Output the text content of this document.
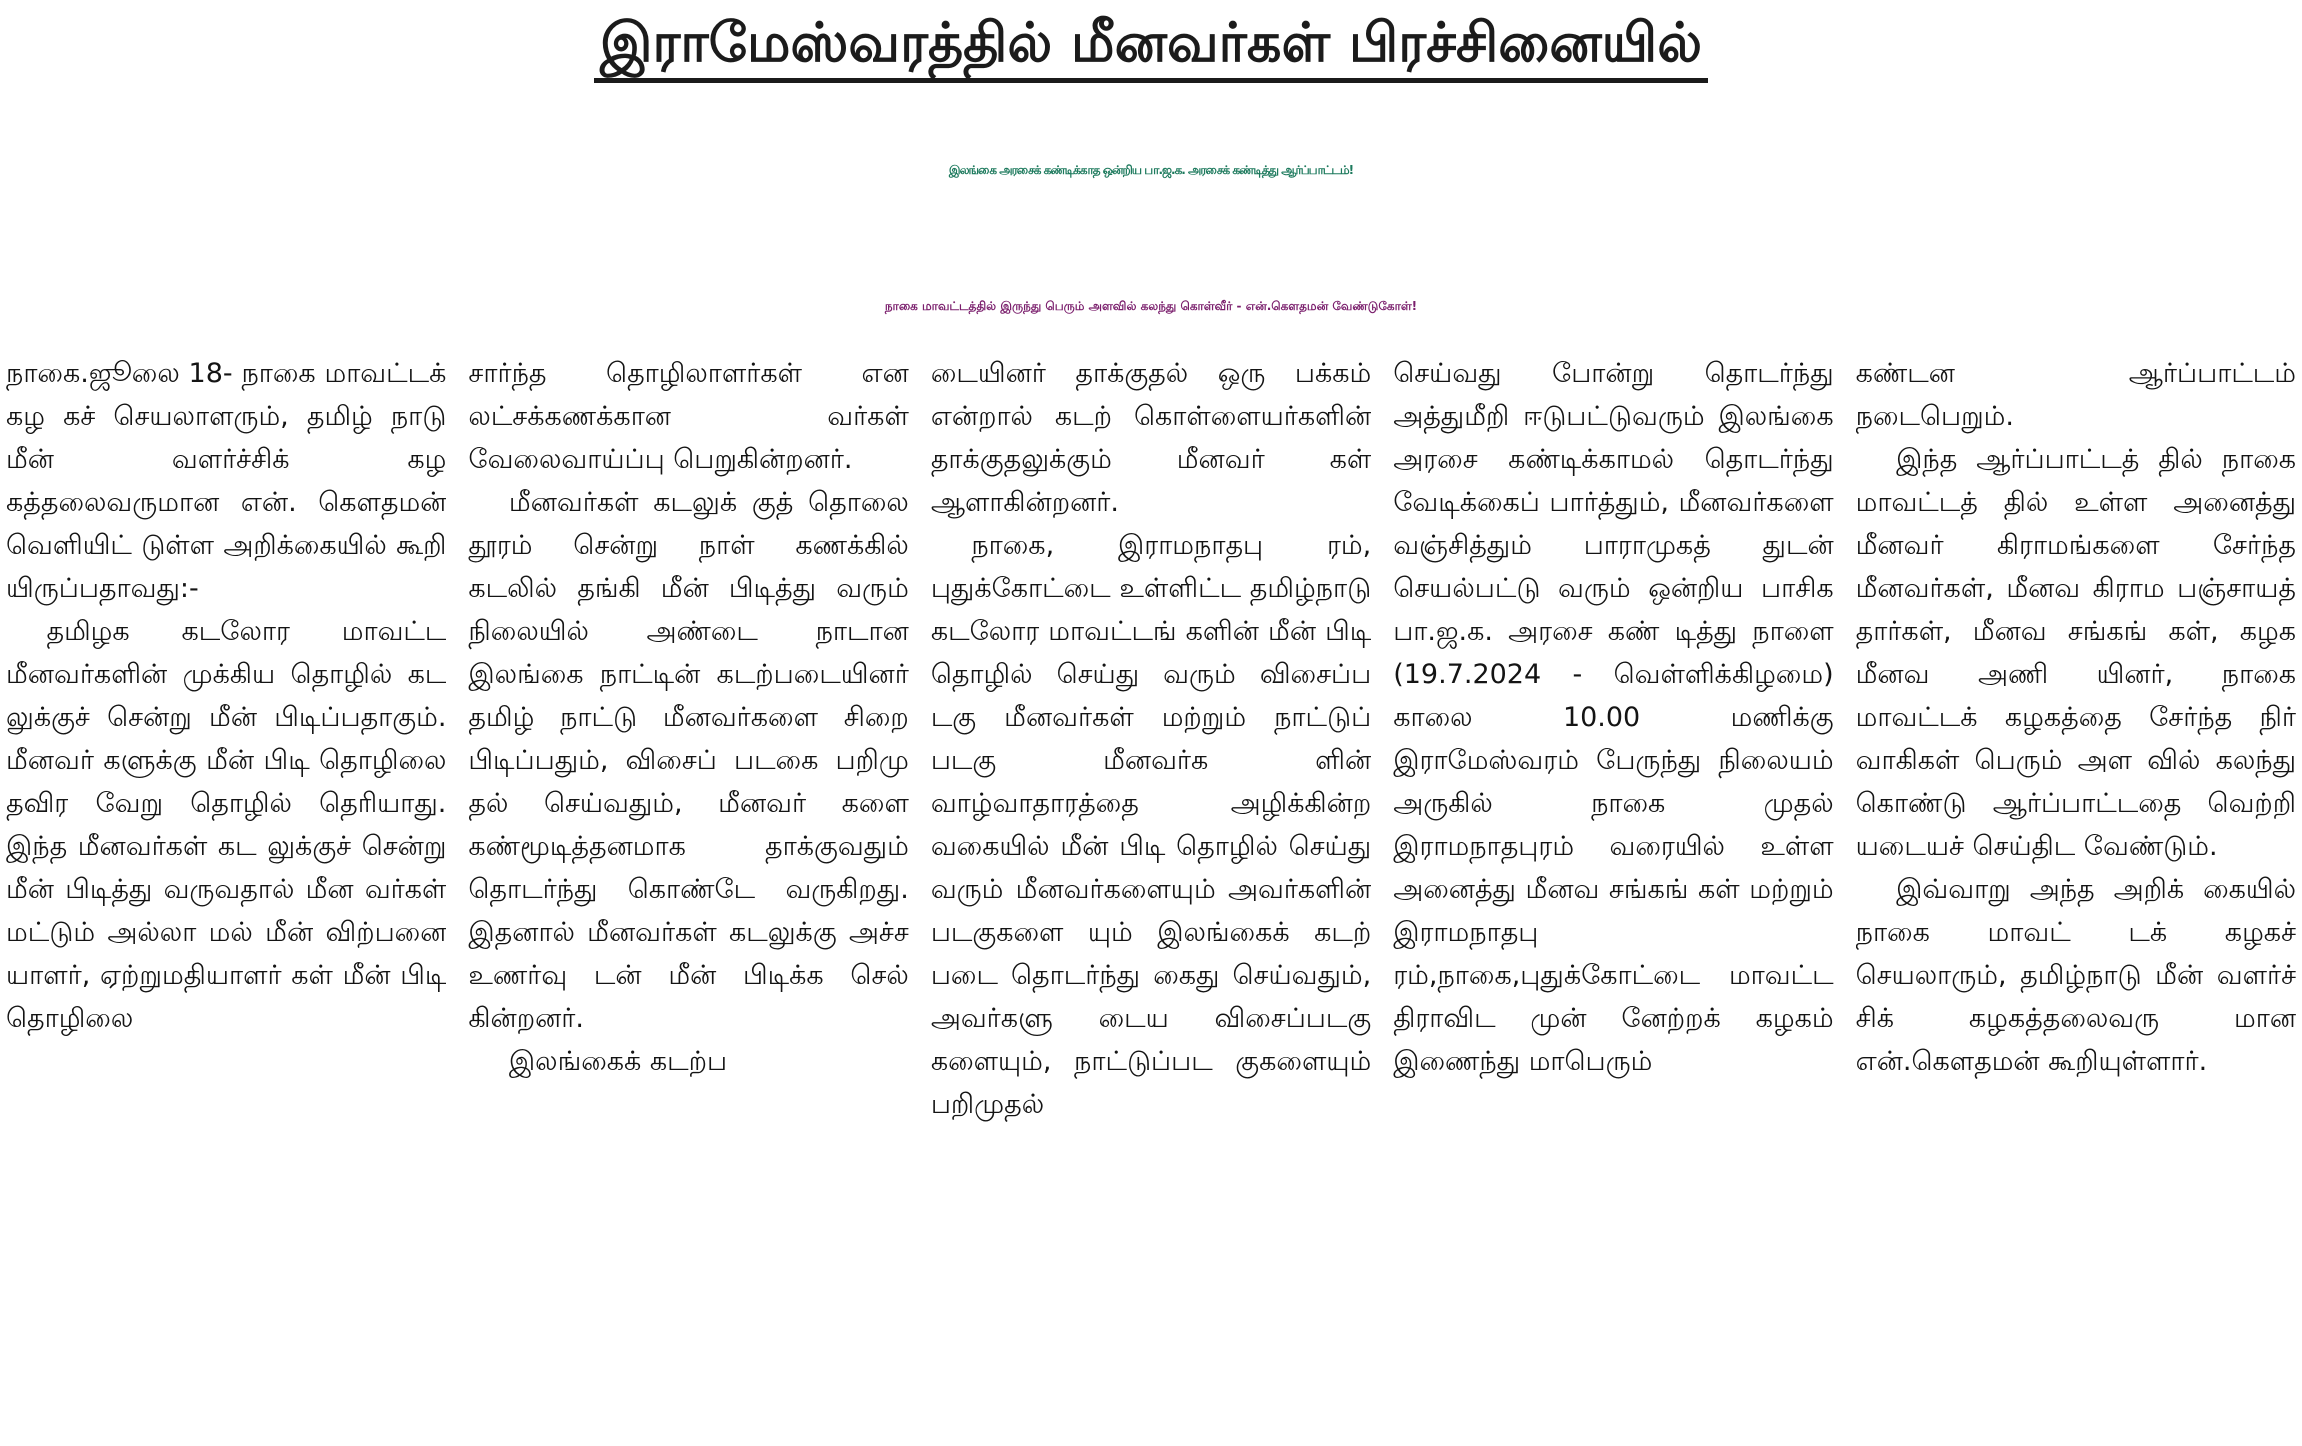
இராமேஸ்வரத்தில் மீனவர்கள் பிரச்சினையில்
இலங்கை அரசைக் கண்டிக்காத ஒன்றிய பா.ஜ.க. அரசைக் கண்டித்து ஆர்ப்பாட்டம்!
நாகை மாவட்டத்தில் இருந்து பெரும் அளவில் கலந்து கொள்வீர் - என்.கௌதமன் வேண்டுகோள்!

நாகை.ஜூலை 18- நாகை மாவட்டக் கழ கச் செயலாளரும், தமிழ் நாடு மீன் வளர்ச்சிக் கழ கத்தலைவருமான என். கௌதமன் வெளியிட் டுள்ள அறிக்கையில் கூறி யிருப்பதாவது:-

தமிழக கடலோர மாவட்ட மீனவர்களின் முக்கிய தொழில் கட லுக்குச் சென்று மீன் பிடிப்பதாகும். மீனவர் களுக்கு மீன் பிடி தொழிலை தவிர வேறு தொழில் தெரியாது. இந்த மீனவர்கள் கட லுக்குச் சென்று மீன் பிடித்து வருவதால் மீன வர்கள் மட்டும் அல்லா மல் மீன் விற்பனை யாளர், ஏற்றுமதியாளர் கள் மீன் பிடி தொழிலை

சார்ந்த தொழிலாளர்கள் என லட்சக்கணக்கான வர்கள் வேலைவாய்ப்பு பெறுகின்றனர்.

மீனவர்கள் கடலுக் குத் தொலை தூரம் சென்று நாள் கணக்கில் கடலில் தங்கி மீன் பிடித்து வரும் நிலையில் அண்டை நாடான இலங்கை நாட்டின் கடற்படையினர் தமிழ் நாட்டு மீனவர்களை சிறை பிடிப்பதும், விசைப் படகை பறிமு தல் செய்வதும், மீனவர் களை கண்மூடித்தனமாக தாக்குவதும் தொடர்ந்து கொண்டே வருகிறது. இதனால் மீனவர்கள் கடலுக்கு அச்ச உணர்வு டன் மீன் பிடிக்க செல் கின்றனர்.

இலங்கைக் கடற்ப

டையினர் தாக்குதல் ஒரு பக்கம் என்றால் கடற் கொள்ளையர்களின் தாக்குதலுக்கும் மீனவர் கள் ஆளாகின்றனர்.

நாகை, இராமநாதபு ரம், புதுக்கோட்டை உள்ளிட்ட தமிழ்நாடு கடலோர மாவட்டங் களின் மீன் பிடி தொழில் செய்து வரும் விசைப்ப டகு மீனவர்கள் மற்றும் நாட்டுப் படகு மீனவர்க ளின் வாழ்வாதாரத்தை அழிக்கின்ற வகையில் மீன் பிடி தொழில் செய்து வரும் மீனவர்களையும் அவர்களின் படகுகளை யும் இலங்கைக் கடற் படை தொடர்ந்து கைது செய்வதும், அவர்களு டைய விசைப்படகு களையும், நாட்டுப்பட குகளையும் பறிமுதல்

செய்வது போன்று தொடர்ந்து அத்துமீறி ஈடுபட்டுவரும் இலங்கை அரசை கண்டிக்காமல் தொடர்ந்து வேடிக்கைப் பார்த்தும், மீனவர்களை வஞ்சித்தும் பாராமுகத் துடன் செயல்பட்டு வரும் ஒன்றிய பாசிக பா.ஜ.க. அரசை கண் டித்து நாளை (19.7.2024 - வெள்ளிக்கிழமை) காலை 10.00 மணிக்கு இராமேஸ்வரம் பேருந்து நிலையம் அருகில் நாகை முதல் இராமநாதபுரம் வரையில் உள்ள அனைத்து மீனவ சங்கங் கள் மற்றும் இராமநாதபு ரம்,நாகை,புதுக்கோட்டை மாவட்ட திராவிட முன் னேற்றக் கழகம் இணைந்து மாபெரும்

கண்டன ஆர்ப்பாட்டம் நடைபெறும்.

இந்த ஆர்ப்பாட்டத் தில் நாகை மாவட்டத் தில் உள்ள அனைத்து மீனவர் கிராமங்களை சேர்ந்த மீனவர்கள், மீனவ கிராம பஞ்சாயத் தார்கள், மீனவ சங்கங் கள், கழக மீனவ அணி யினர், நாகை மாவட்டக் கழகத்தை சேர்ந்த நிர் வாகிகள் பெரும் அள வில் கலந்து கொண்டு ஆர்ப்பாட்டதை வெற்றி யடையச் செய்திட வேண்டும்.

இவ்வாறு அந்த அறிக் கையில் நாகை மாவட் டக் கழகச் செயலாரும், தமிழ்நாடு மீன் வளர்ச் சிக் கழகத்தலைவரு மான என்.கௌதமன் கூறியுள்ளார்.
